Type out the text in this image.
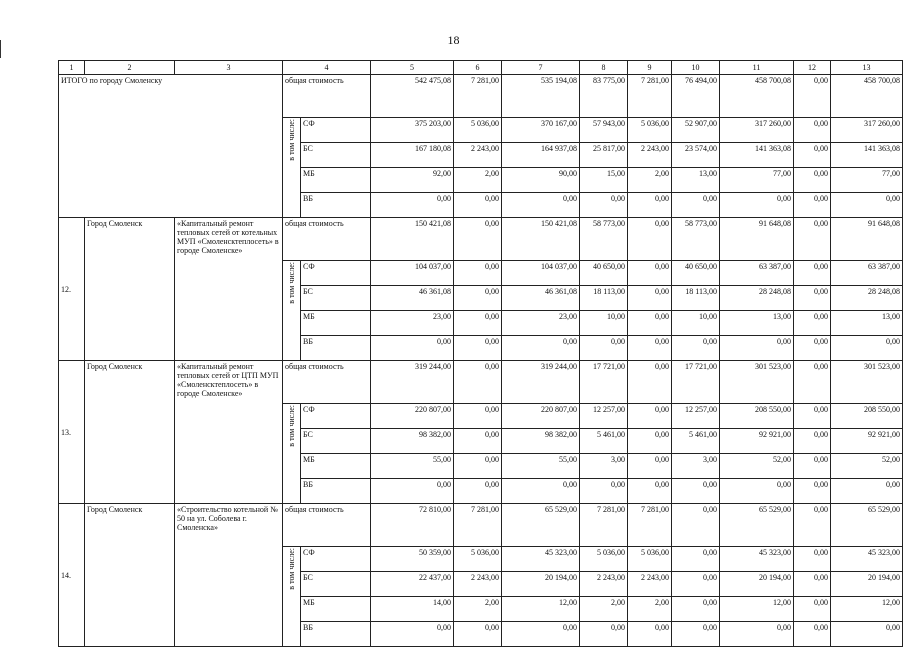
18
1	2	3	4		5	6	7	8	9	10	11	12	13
ИТОГО по городу Смоленску			общая стоимость		542 475,08	7 281,00	535 194,08	83 775,00	7 281,00	76 494,00	458 700,08	0,00	458 700,08
			в том числе:	СФ	375 203,00	5 036,00	370 167,00	57 943,00	5 036,00	52 907,00	317 260,00	0,00	317 260,00
				БС	167 180,08	2 243,00	164 937,08	25 817,00	2 243,00	23 574,00	141 363,08	0,00	141 363,08
				МБ	92,00	2,00	90,00	15,00	2,00	13,00	77,00	0,00	77,00
				ВБ	0,00	0,00	0,00	0,00	0,00	0,00	0,00	0,00	0,00
12.	Город Смоленск	«Капитальный ремонт тепловых сетей от котельных МУП «Смоленсктеплосеть» в городе Смоленске»	общая стоимость		150 421,08	0,00	150 421,08	58 773,00	0,00	58 773,00	91 648,08	0,00	91 648,08
			в том числе:	СФ	104 037,00	0,00	104 037,00	40 650,00	0,00	40 650,00	63 387,00	0,00	63 387,00
				БС	46 361,08	0,00	46 361,08	18 113,00	0,00	18 113,00	28 248,08	0,00	28 248,08
				МБ	23,00	0,00	23,00	10,00	0,00	10,00	13,00	0,00	13,00
				ВБ	0,00	0,00	0,00	0,00	0,00	0,00	0,00	0,00	0,00
13.	Город Смоленск	«Капитальный ремонт тепловых сетей от ЦТП МУП «Смоленсктеплосеть» в городе Смоленске»	общая стоимость		319 244,00	0,00	319 244,00	17 721,00	0,00	17 721,00	301 523,00	0,00	301 523,00
			в том числе:	СФ	220 807,00	0,00	220 807,00	12 257,00	0,00	12 257,00	208 550,00	0,00	208 550,00
				БС	98 382,00	0,00	98 382,00	5 461,00	0,00	5 461,00	92 921,00	0,00	92 921,00
				МБ	55,00	0,00	55,00	3,00	0,00	3,00	52,00	0,00	52,00
				ВБ	0,00	0,00	0,00	0,00	0,00	0,00	0,00	0,00	0,00
14.	Город Смоленск	«Строительство котельной № 50 на ул. Соболева г. Смоленска»	общая стоимость		72 810,00	7 281,00	65 529,00	7 281,00	7 281,00	0,00	65 529,00	0,00	65 529,00
			в том числе:	СФ	50 359,00	5 036,00	45 323,00	5 036,00	5 036,00	0,00	45 323,00	0,00	45 323,00
				БС	22 437,00	2 243,00	20 194,00	2 243,00	2 243,00	0,00	20 194,00	0,00	20 194,00
				МБ	14,00	2,00	12,00	2,00	2,00	0,00	12,00	0,00	12,00
				ВБ	0,00	0,00	0,00	0,00	0,00	0,00	0,00	0,00	0,00
